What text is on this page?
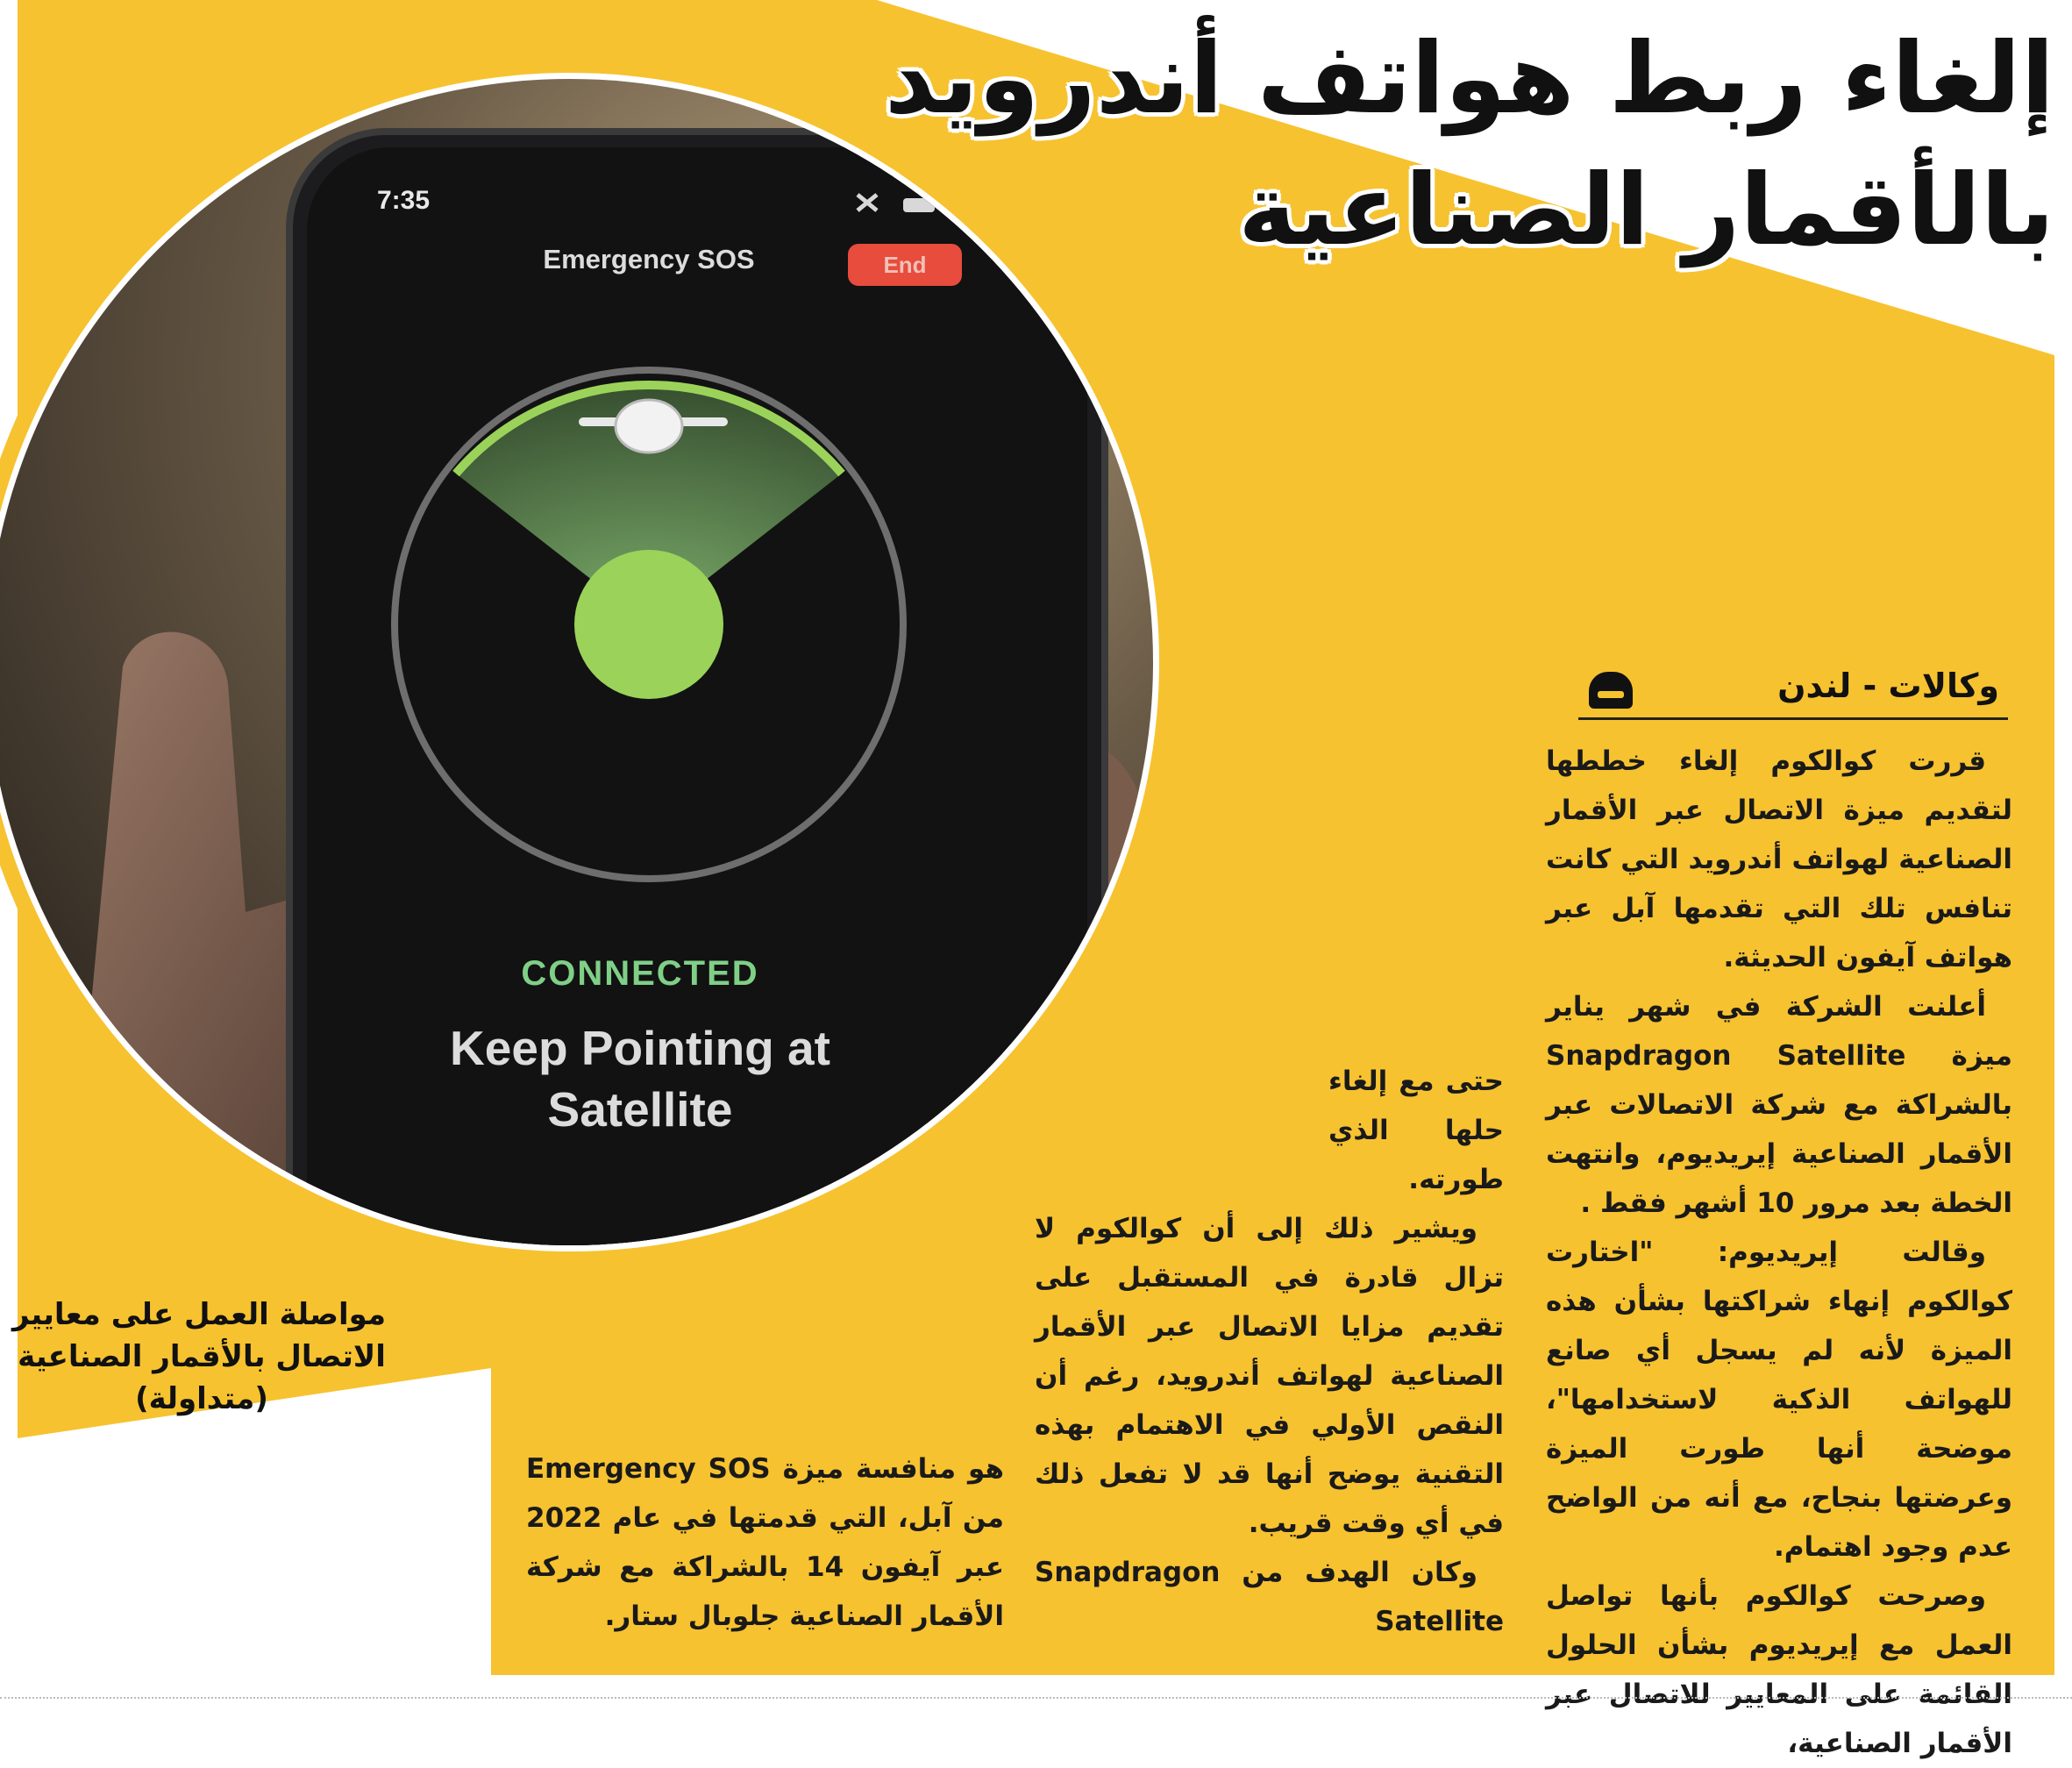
إلغاء ربط هواتف أندرويد
بالأقمار الصناعية
7:35
Emergency SOS	End
CONNECTED
Keep Pointing at
Satellite
وكالات - لندن

قررت كوالكوم إلغاء خططها لتقديم ميزة الاتصال عبر الأقمار الصناعية لهواتف أندرويد التي كانت تنافس تلك التي تقدمها آبل عبر هواتف آيفون الحديثة.

أعلنت الشركة في شهر يناير ميزة Snapdragon Satellite بالشراكة مع شركة الاتصالات عبر الأقمار الصناعية إيريديوم، وانتهت الخطة بعد مرور 10 أشهر فقط .

وقالت إيريديوم: "اختارت كوالكوم إنهاء شراكتها بشأن هذه الميزة لأنه لم يسجل أي صانع للهواتف الذكية لاستخدامها"، موضحة أنها طورت الميزة وعرضتها بنجاح، مع أنه من الواضح عدم وجود اهتمام.

وصرحت كوالكوم بأنها تواصل العمل مع إيريديوم بشأن الحلول القائمة على المعايير للاتصال عبر الأقمار الصناعية،

حتى مع إلغاء حلها الذي طورته.

ويشير ذلك إلى أن كوالكوم لا تزال قادرة في المستقبل على تقديم مزايا الاتصال عبر الأقمار الصناعية لهواتف أندرويد، رغم أن النقص الأولي في الاهتمام بهذه التقنية يوضح أنها قد لا تفعل ذلك في أي وقت قريب.

وكان الهدف من Snapdragon Satellite

هو منافسة ميزة Emergency SOS من آبل، التي قدمتها في عام 2022 عبر آيفون 14 بالشراكة مع شركة الأقمار الصناعية جلوبال ستار.

مواصلة العمل على معايير
الاتصال بالأقمار الصناعية
(متداولة)
